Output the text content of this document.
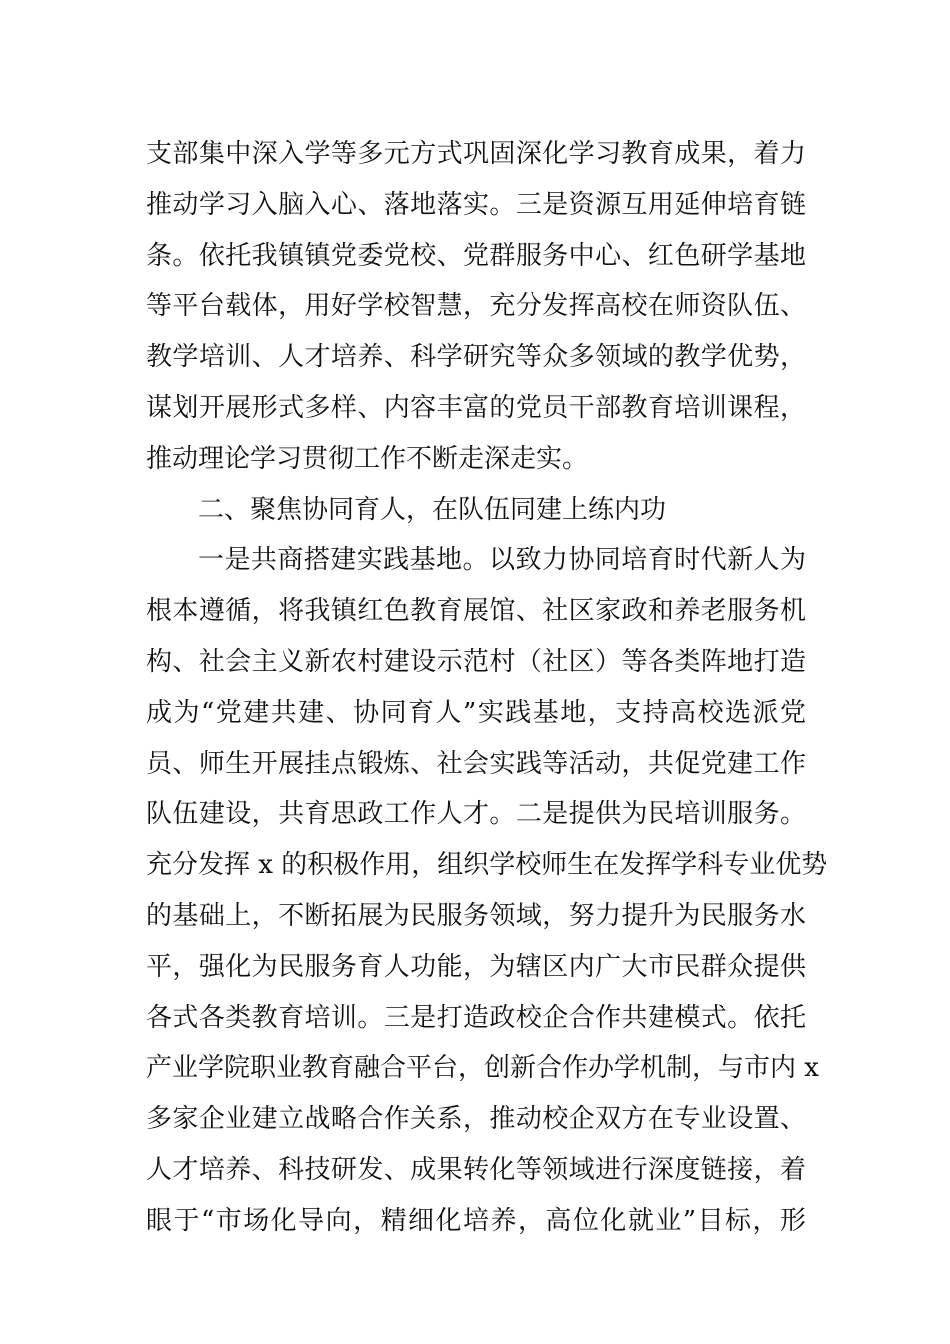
支部集中深入学等多元方式巩固深化学习教育成果，着力
推动学习入脑入心、落地落实。三是资源互用延伸培育链
条。依托我镇镇党委党校、党群服务中心、红色研学基地
等平台载体，用好学校智慧，充分发挥高校在师资队伍、
教学培训、人才培养、科学研究等众多领域的教学优势，
谋划开展形式多样、内容丰富的党员干部教育培训课程，
推动理论学习贯彻工作不断走深走实。
二、聚焦协同育人，在队伍同建上练内功
一是共商搭建实践基地。以致力协同培育时代新人为
根本遵循，将我镇红色教育展馆、社区家政和养老服务机
构、社会主义新农村建设示范村（社区）等各类阵地打造
成为“党建共建、协同育人”实践基地，支持高校选派党
员、师生开展挂点锻炼、社会实践等活动，共促党建工作
队伍建设，共育思政工作人才。二是提供为民培训服务。
充分发挥 x 的积极作用，组织学校师生在发挥学科专业优势
的基础上，不断拓展为民服务领域，努力提升为民服务水
平，强化为民服务育人功能，为辖区内广大市民群众提供
各式各类教育培训。三是打造政校企合作共建模式。依托
产业学院职业教育融合平台，创新合作办学机制，与市内 x
多家企业建立战略合作关系，推动校企双方在专业设置、
人才培养、科技研发、成果转化等领域进行深度链接，着
眼于“市场化导向，精细化培养，高位化就业”目标，形
